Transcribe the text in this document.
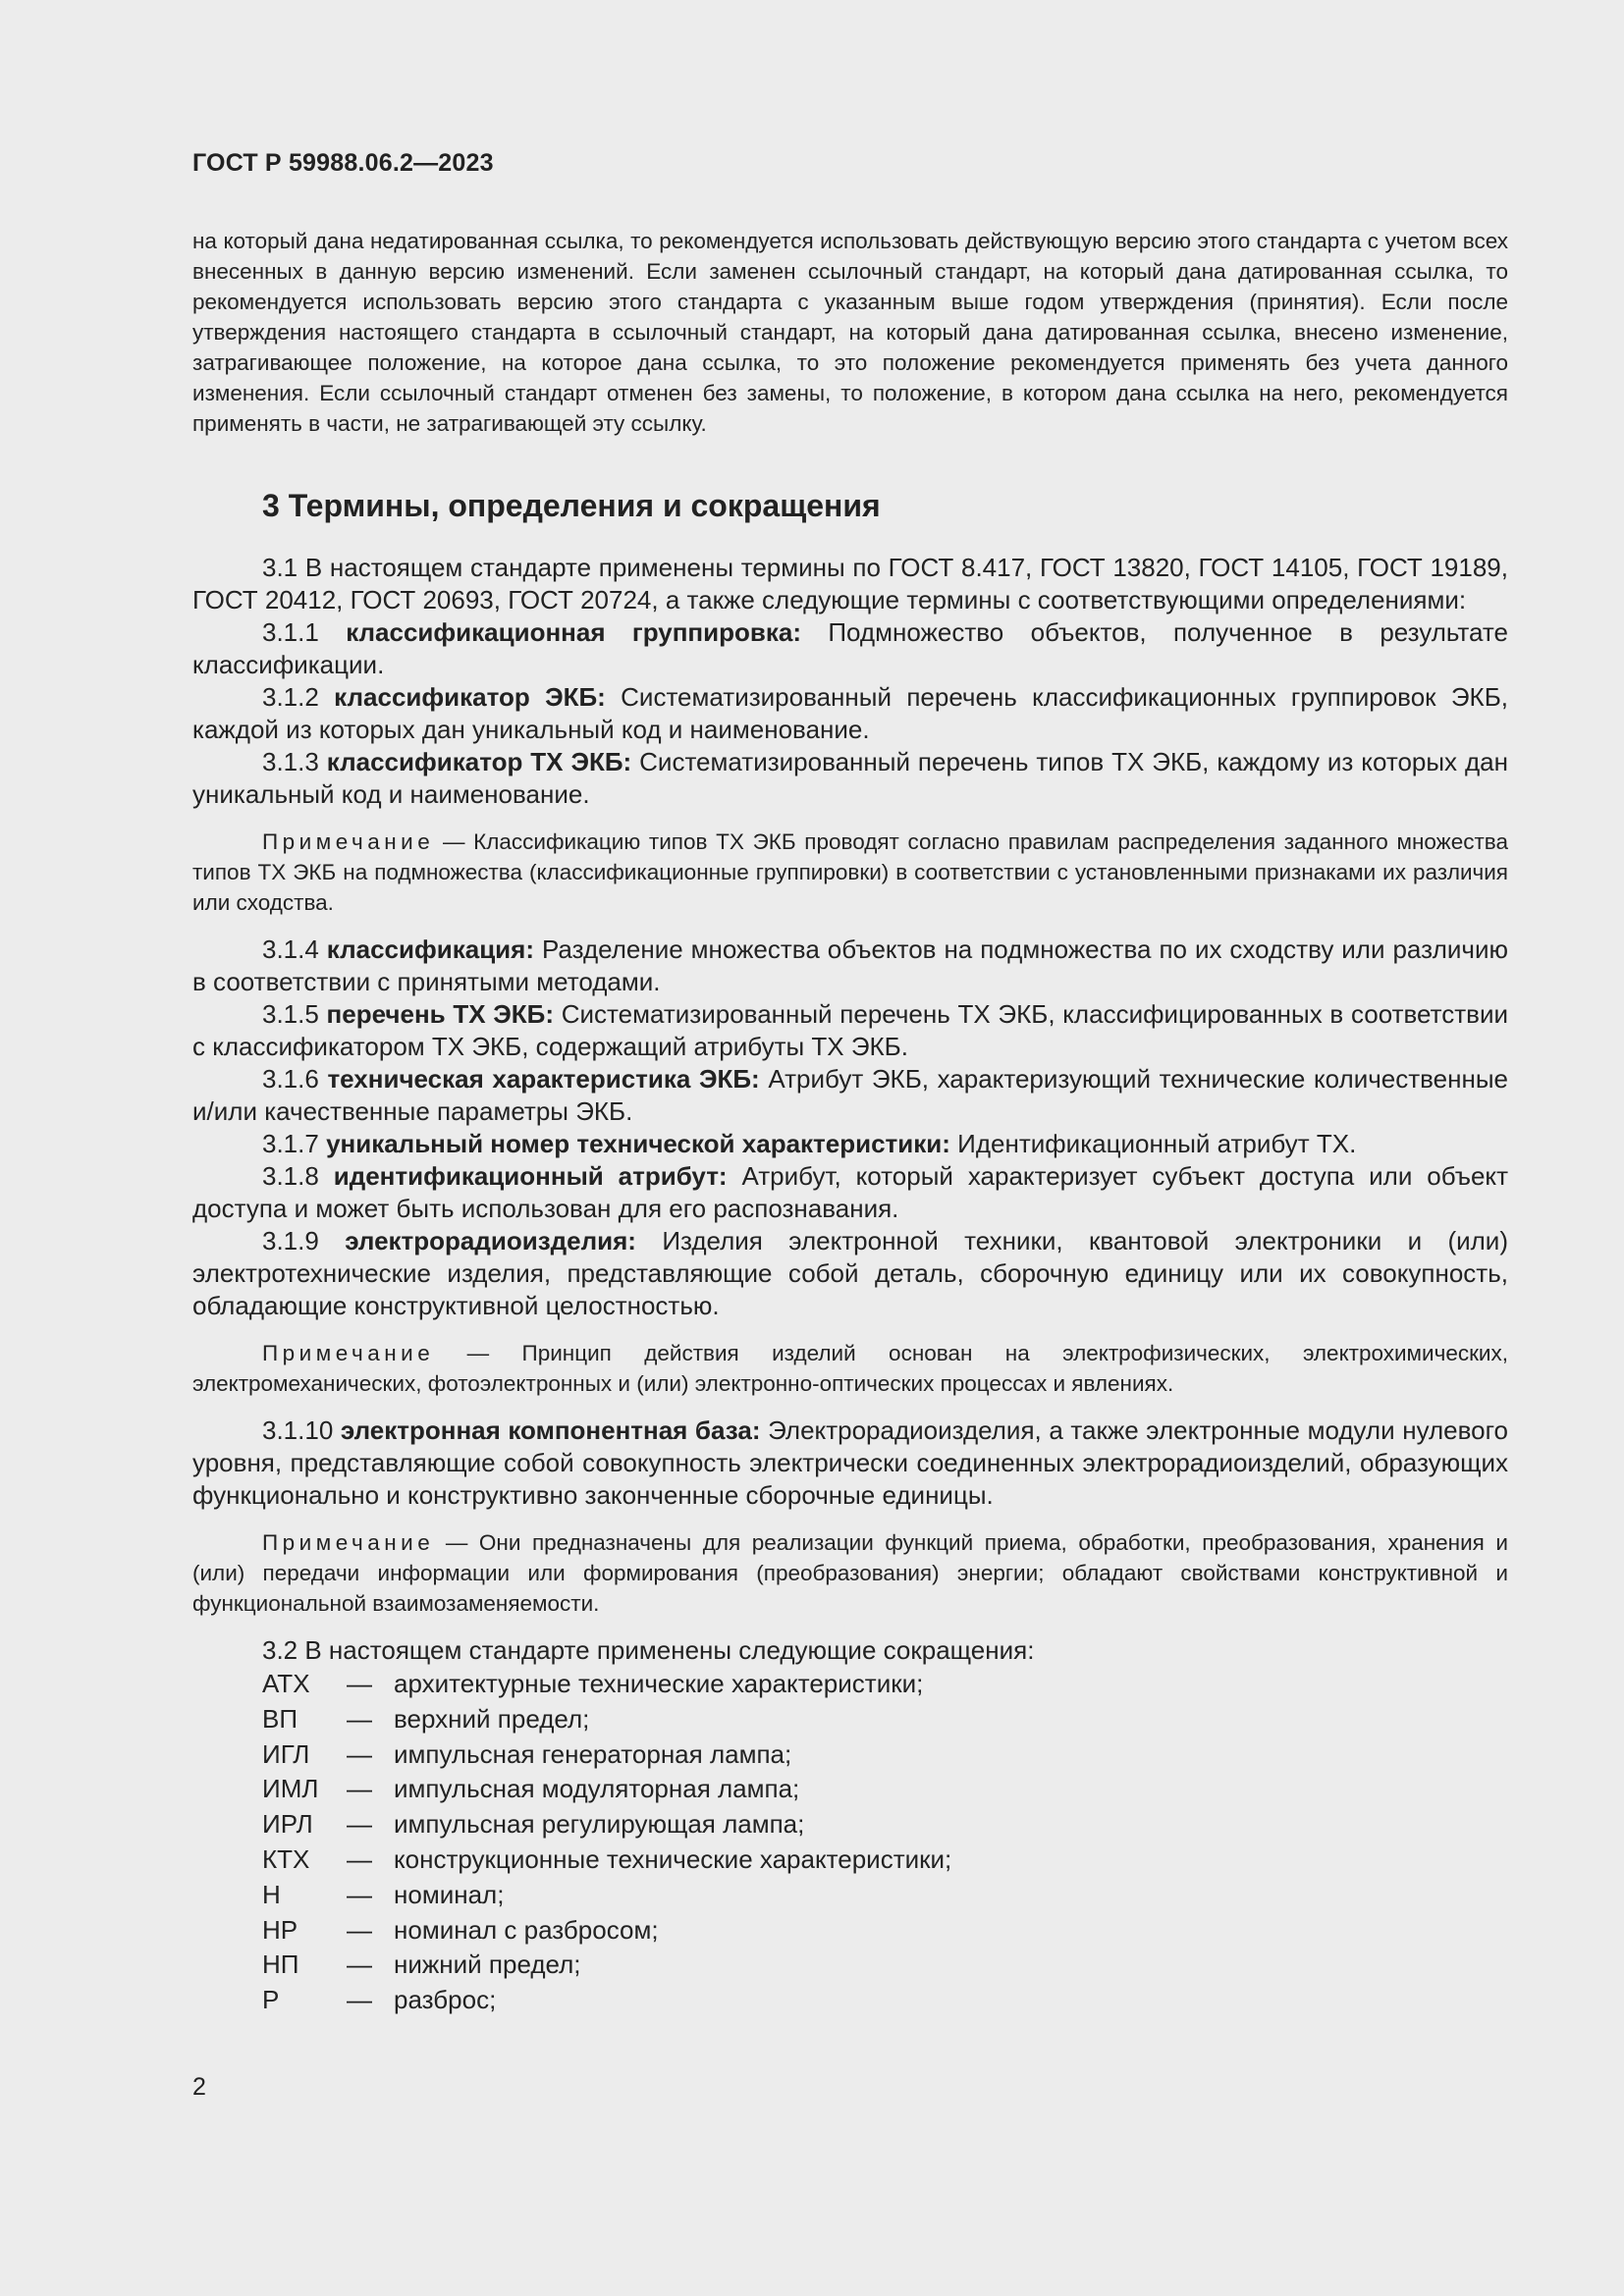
ГОСТ Р 59988.06.2—2023

на который дана недатированная ссылка, то рекомендуется использовать действующую версию этого стандарта с учетом всех внесенных в данную версию изменений. Если заменен ссылочный стандарт, на который дана датированная ссылка, то рекомендуется использовать версию этого стандарта с указанным выше годом утверждения (принятия). Если после утверждения настоящего стандарта в ссылочный стандарт, на который дана датированная ссылка, внесено изменение, затрагивающее положение, на которое дана ссылка, то это положение рекомендуется применять без учета данного изменения. Если ссылочный стандарт отменен без замены, то положение, в котором дана ссылка на него, рекомендуется применять в части, не затрагивающей эту ссылку.

3 Термины, определения и сокращения

3.1 В настоящем стандарте применены термины по ГОСТ 8.417, ГОСТ 13820, ГОСТ 14105, ГОСТ 19189, ГОСТ 20412, ГОСТ 20693, ГОСТ 20724, а также следующие термины с соответствующими определениями:

3.1.1 классификационная группировка: Подмножество объектов, полученное в результате классификации.

3.1.2 классификатор ЭКБ: Систематизированный перечень классификационных группировок ЭКБ, каждой из которых дан уникальный код и наименование.

3.1.3 классификатор ТХ ЭКБ: Систематизированный перечень типов ТХ ЭКБ, каждому из которых дан уникальный код и наименование.

Примечание — Классификацию типов ТХ ЭКБ проводят согласно правилам распределения заданного множества типов ТХ ЭКБ на подмножества (классификационные группировки) в соответствии с установленными признаками их различия или сходства.

3.1.4 классификация: Разделение множества объектов на подмножества по их сходству или различию в соответствии с принятыми методами.

3.1.5 перечень ТХ ЭКБ: Систематизированный перечень ТХ ЭКБ, классифицированных в соответствии с классификатором ТХ ЭКБ, содержащий атрибуты ТХ ЭКБ.

3.1.6 техническая характеристика ЭКБ: Атрибут ЭКБ, характеризующий технические количественные и/или качественные параметры ЭКБ.

3.1.7 уникальный номер технической характеристики: Идентификационный атрибут ТХ.

3.1.8 идентификационный атрибут: Атрибут, который характеризует субъект доступа или объект доступа и может быть использован для его распознавания.

3.1.9 электрорадиоизделия: Изделия электронной техники, квантовой электроники и (или) электротехнические изделия, представляющие собой деталь, сборочную единицу или их совокупность, обладающие конструктивной целостностью.

Примечание — Принцип действия изделий основан на электрофизических, электрохимических, электромеханических, фотоэлектронных и (или) электронно-оптических процессах и явлениях.

3.1.10 электронная компонентная база: Электрорадиоизделия, а также электронные модули нулевого уровня, представляющие собой совокупность электрически соединенных электрорадиоизделий, образующих функционально и конструктивно законченные сборочные единицы.

Примечание — Они предназначены для реализации функций приема, обработки, преобразования, хранения и (или) передачи информации или формирования (преобразования) энергии; обладают свойствами конструктивной и функциональной взаимозаменяемости.

3.2 В настоящем стандарте применены следующие сокращения:

АТХ	— архитектурные технические характеристики;
ВП	— верхний предел;
ИГЛ	— импульсная генераторная лампа;
ИМЛ	— импульсная модуляторная лампа;
ИРЛ	— импульсная регулирующая лампа;
КТХ	— конструкционные технические характеристики;
Н	— номинал;
НР	— номинал с разбросом;
НП	— нижний предел;
Р	— разброс;
2
